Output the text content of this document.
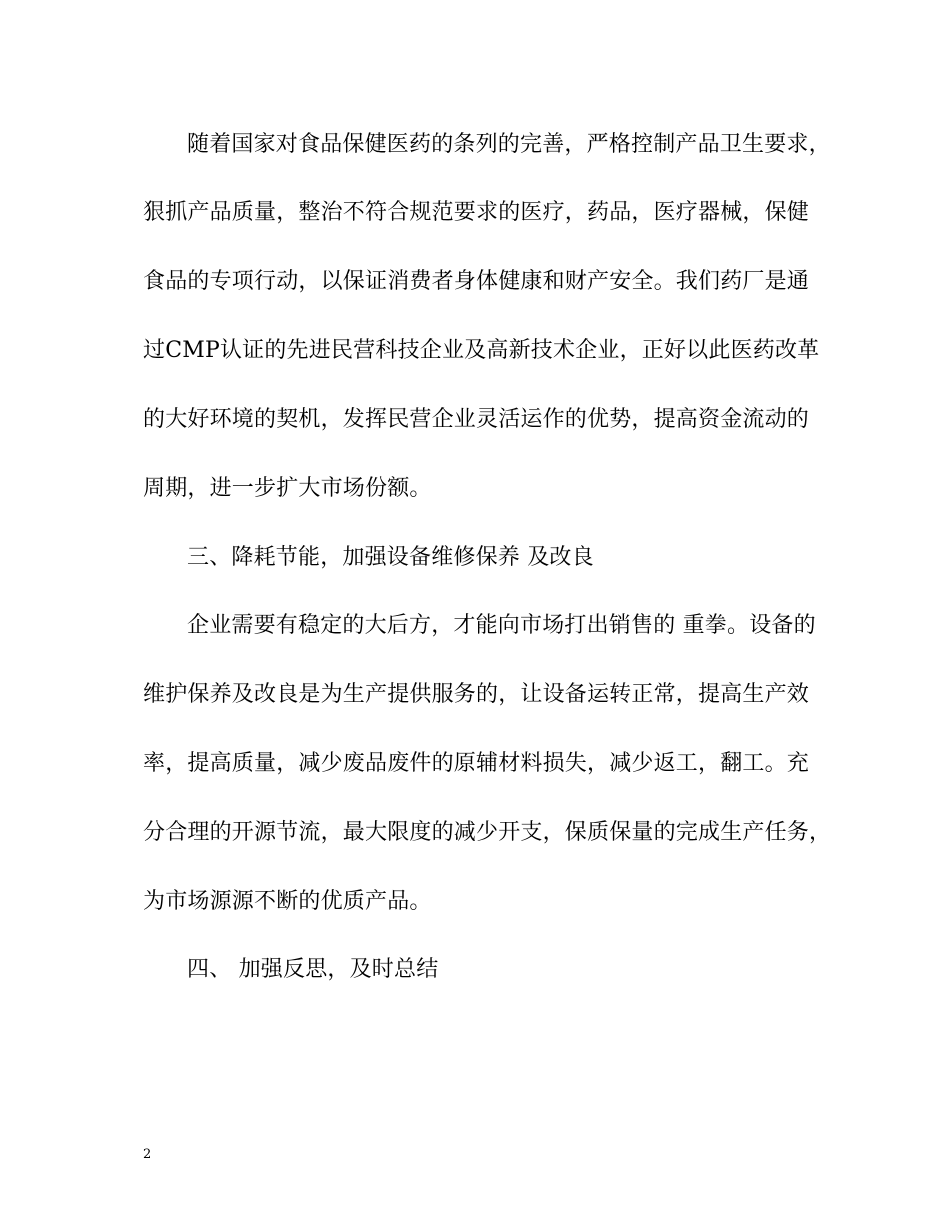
随着国家对食品保健医药的条列的完善，严格控制产品卫生要求，
狠抓产品质量，整治不符合规范要求的医疗，药品，医疗器械，保健
食品的专项行动，以保证消费者身体健康和财产安全。我们药厂是通
过CMP认证的先进民营科技企业及高新技术企业，正好以此医药改革
的大好环境的契机，发挥民营企业灵活运作的优势，提高资金流动的
周期，进一步扩大市场份额。
三、降耗节能，加强设备维修保养 及改良
企业需要有稳定的大后方，才能向市场打出销售的 重拳。设备的
维护保养及改良是为生产提供服务的，让设备运转正常，提高生产效
率，提高质量，减少废品废件的原辅材料损失，减少返工，翻工。充
分合理的开源节流，最大限度的减少开支，保质保量的完成生产任务，
为市场源源不断的优质产品。
四、 加强反思，及时总结
2
